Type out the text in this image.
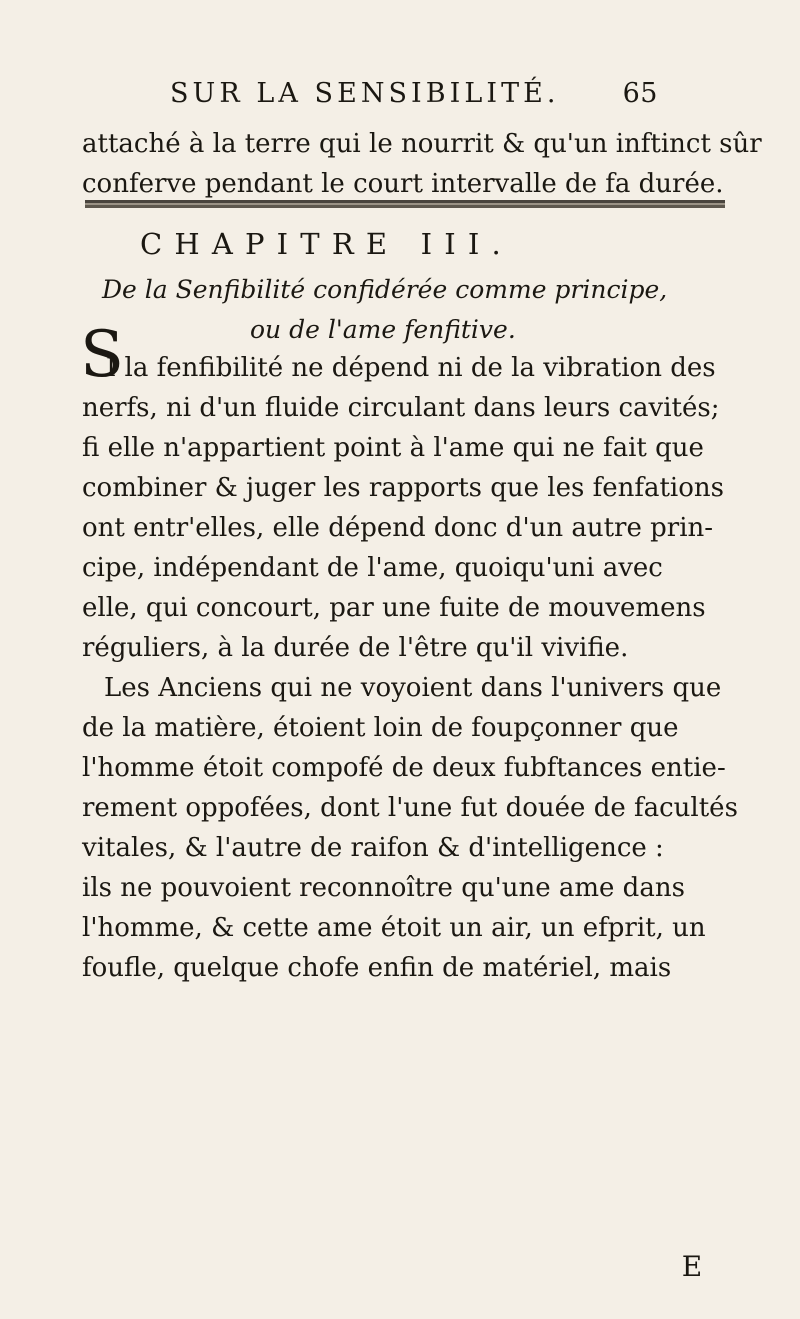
SUR LA SENSIBILITÉ. 65
attaché à la terre qui le nourrit & qu'un inftinct sûr
conferve pendant le court intervalle de fa durée.
CHAPITRE III.
De la Senfibilité confidérée comme principe,
ou de l'ame fenfitive.
S
I la fenfibilité ne dépend ni de la vibration des
nerfs, ni d'un fluide circulant dans leurs cavités;
fi elle n'appartient point à l'ame qui ne fait que
combiner & juger les rapports que les fenfations
ont entr'elles, elle dépend donc d'un autre prin-
cipe, indépendant de l'ame, quoiqu'uni avec
elle, qui concourt, par une fuite de mouvemens
réguliers, à la durée de l'être qu'il vivifie.
Les Anciens qui ne voyoient dans l'univers que
de la matière, étoient loin de foupçonner que
l'homme étoit compofé de deux fubftances entie-
rement oppofées, dont l'une fut douée de facultés
vitales, & l'autre de raifon & d'intelligence :
ils ne pouvoient reconnoître qu'une ame dans
l'homme, & cette ame étoit un air, un efprit, un
foufle, quelque chofe enfin de matériel, mais
E
